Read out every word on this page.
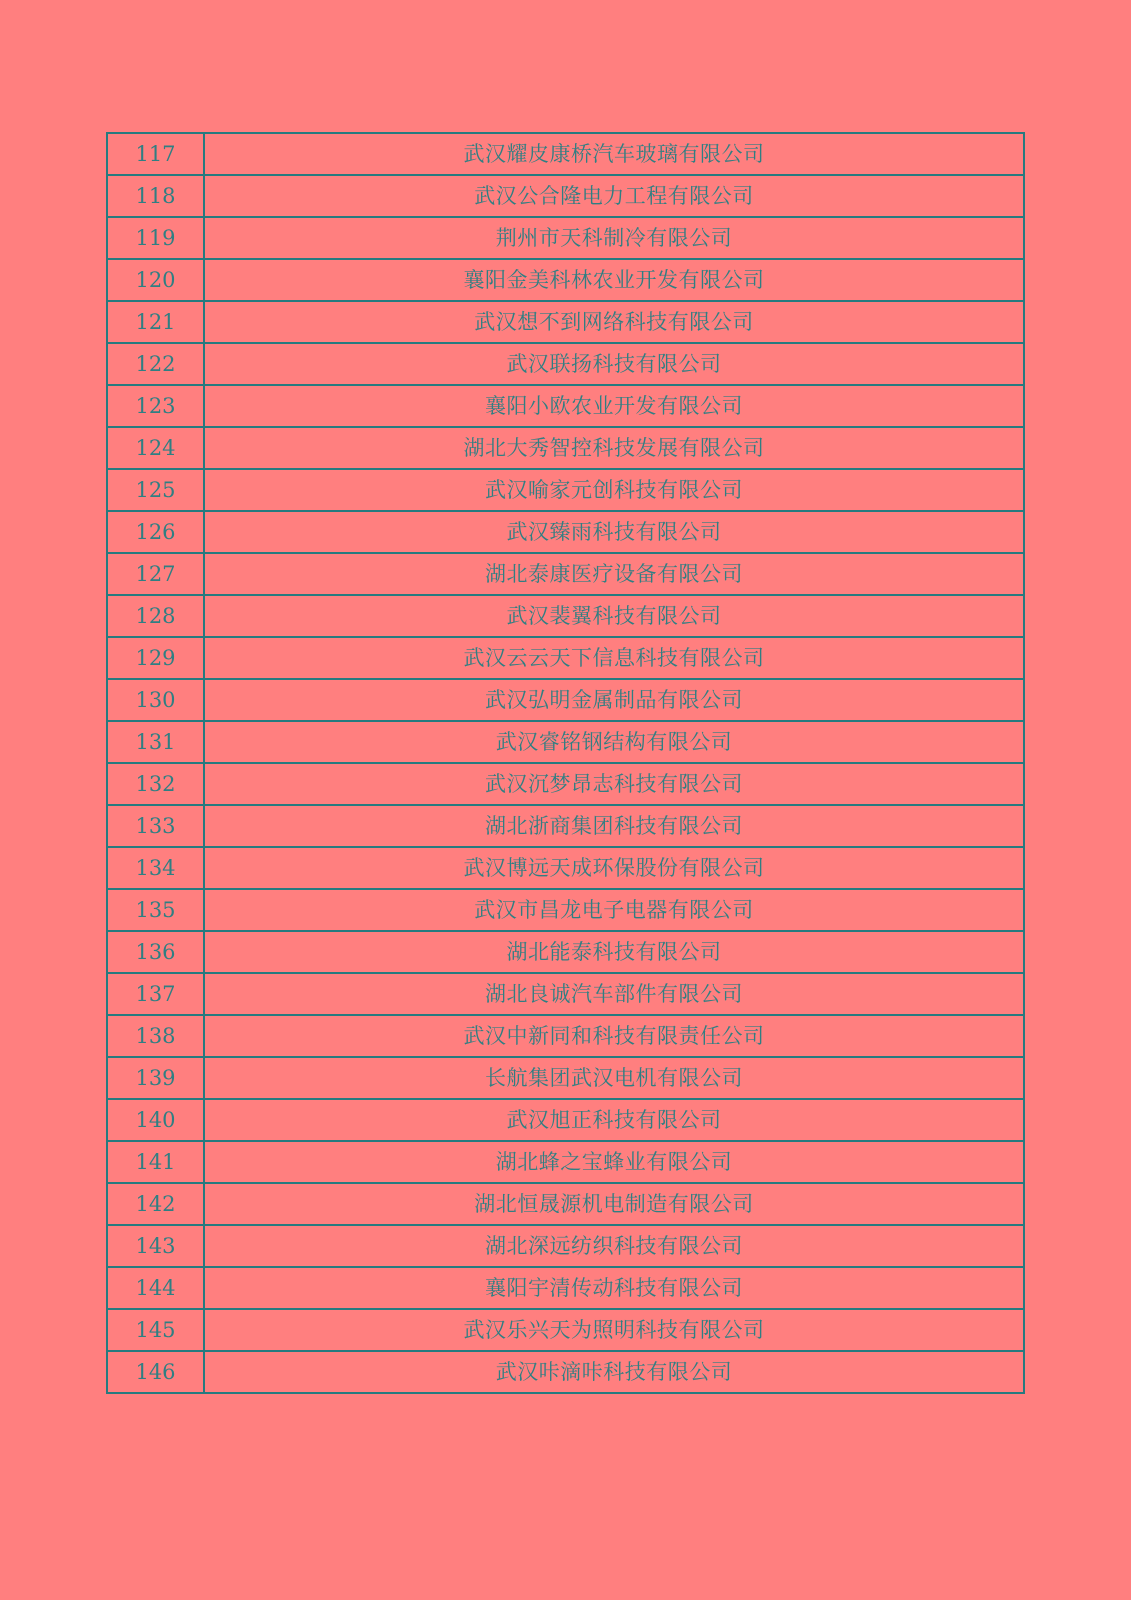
117	武汉耀皮康桥汽车玻璃有限公司
118	武汉公合隆电力工程有限公司
119	荆州市天科制冷有限公司
120	襄阳金美科林农业开发有限公司
121	武汉想不到网络科技有限公司
122	武汉联扬科技有限公司
123	襄阳小欧农业开发有限公司
124	湖北大秀智控科技发展有限公司
125	武汉喻家元创科技有限公司
126	武汉臻雨科技有限公司
127	湖北泰康医疗设备有限公司
128	武汉裴翼科技有限公司
129	武汉云云天下信息科技有限公司
130	武汉弘明金属制品有限公司
131	武汉睿铭钢结构有限公司
132	武汉沉梦昂志科技有限公司
133	湖北浙商集团科技有限公司
134	武汉博远天成环保股份有限公司
135	武汉市昌龙电子电器有限公司
136	湖北能泰科技有限公司
137	湖北良诚汽车部件有限公司
138	武汉中新同和科技有限责任公司
139	长航集团武汉电机有限公司
140	武汉旭正科技有限公司
141	湖北蜂之宝蜂业有限公司
142	湖北恒晟源机电制造有限公司
143	湖北深远纺织科技有限公司
144	襄阳宇清传动科技有限公司
145	武汉乐兴天为照明科技有限公司
146	武汉咔滴咔科技有限公司
